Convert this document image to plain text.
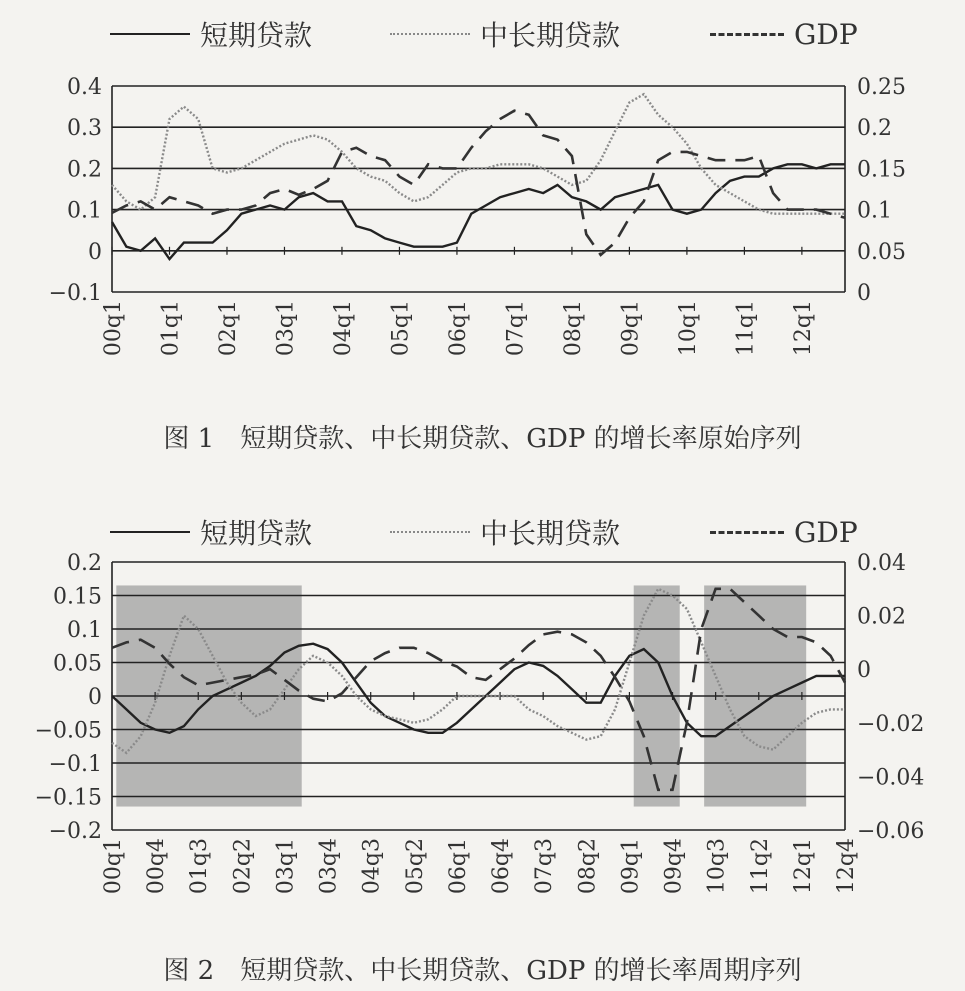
短期贷款	中长期贷款	GDP
0.4
0.3
0.2
0.1
0
−0.1
0.25
0.2
0.15
0.1
0.05
0
00q1 01q1 02q1 03q1 04q1 05q1 06q1 07q1 08q1 09q1 10q1 11q1 12q1
图 1　短期贷款、中长期贷款、GDP 的增长率原始序列
短期贷款	中长期贷款	GDP
0.2
0.15
0.1
0.05
0
−0.05
−0.1
−0.15
−0.2
0.04
0.02
0
−0.02
−0.04
−0.06
00q1 00q4 01q3 02q2 03q1 03q4 04q3 05q2 06q1 06q4 07q3 08q2 09q1 09q4 10q3 11q2 12q1 12q4
图 2　短期贷款、中长期贷款、GDP 的增长率周期序列
